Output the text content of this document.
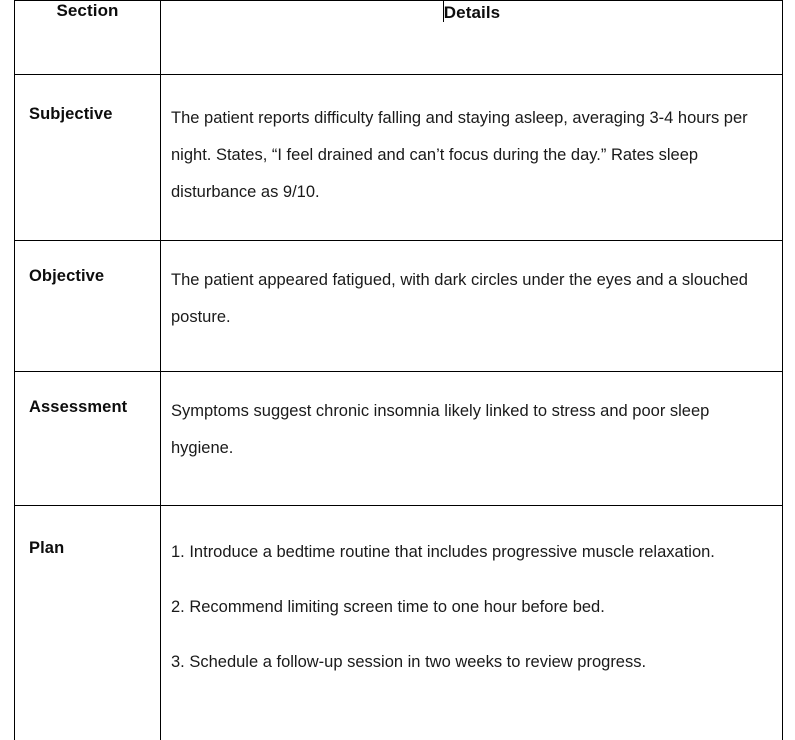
Section	Details
Subjective	The patient reports difficulty falling and staying asleep, averaging 3-4 hours per night. States, “I feel drained and can’t focus during the day.” Rates sleep disturbance as 9/10.

Objective	The patient appeared fatigued, with dark circles under the eyes and a slouched posture.

Assessment	Symptoms suggest chronic insomnia likely linked to stress and poor sleep hygiene.

Plan	1. Introduce a bedtime routine that includes progressive muscle relaxation.

2. Recommend limiting screen time to one hour before bed.

3. Schedule a follow-up session in two weeks to review progress.
